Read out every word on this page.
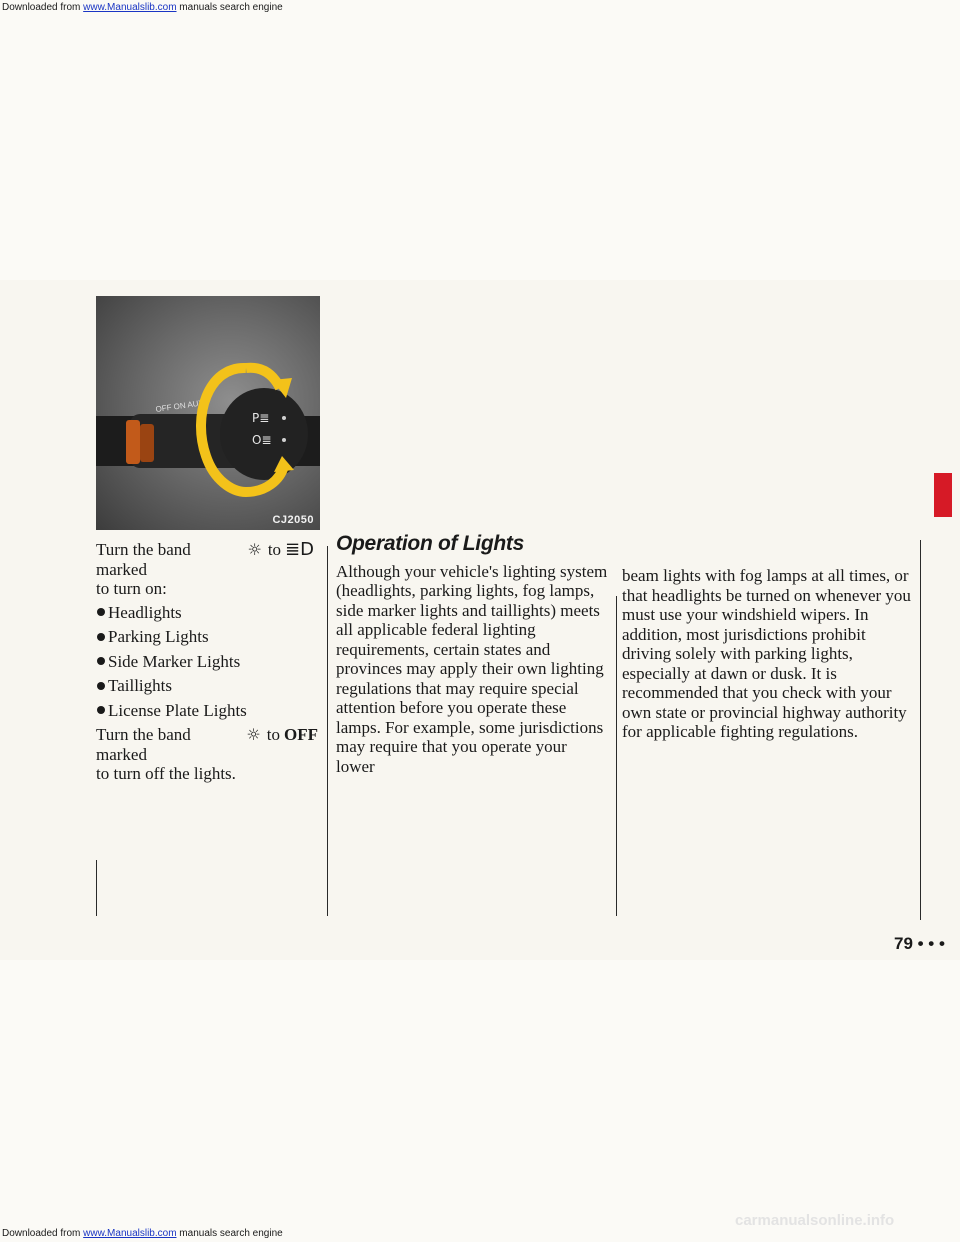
Downloaded from www.Manualslib.com manuals search engine
OFF ON AUX
P≣
O≣
CJ2050

Turn the band marked
☼ to ≣D

to turn on:

Headlights
Parking Lights
Side Marker Lights
Taillights
License Plate Lights

Turn the band marked
☼ to OFF

to turn off the lights.

Operation of Lights

Although your vehicle's lighting system (headlights, parking lights, fog lamps, side marker lights and taillights) meets all applicable federal lighting requirements, certain states and provinces may apply their own lighting regulations that may require special attention before you operate these lamps. For example, some jurisdictions may require that you operate your lower

beam lights with fog lamps at all times, or that headlights be turned on whenever you must use your windshield wipers. In addition, most jurisdictions prohibit driving solely with parking lights, especially at dawn or dusk. It is recommended that you check with your own state or provincial highway authority for applicable fighting regulations.

79 • • •
carmanualsonline.info
Downloaded from www.Manualslib.com manuals search engine
